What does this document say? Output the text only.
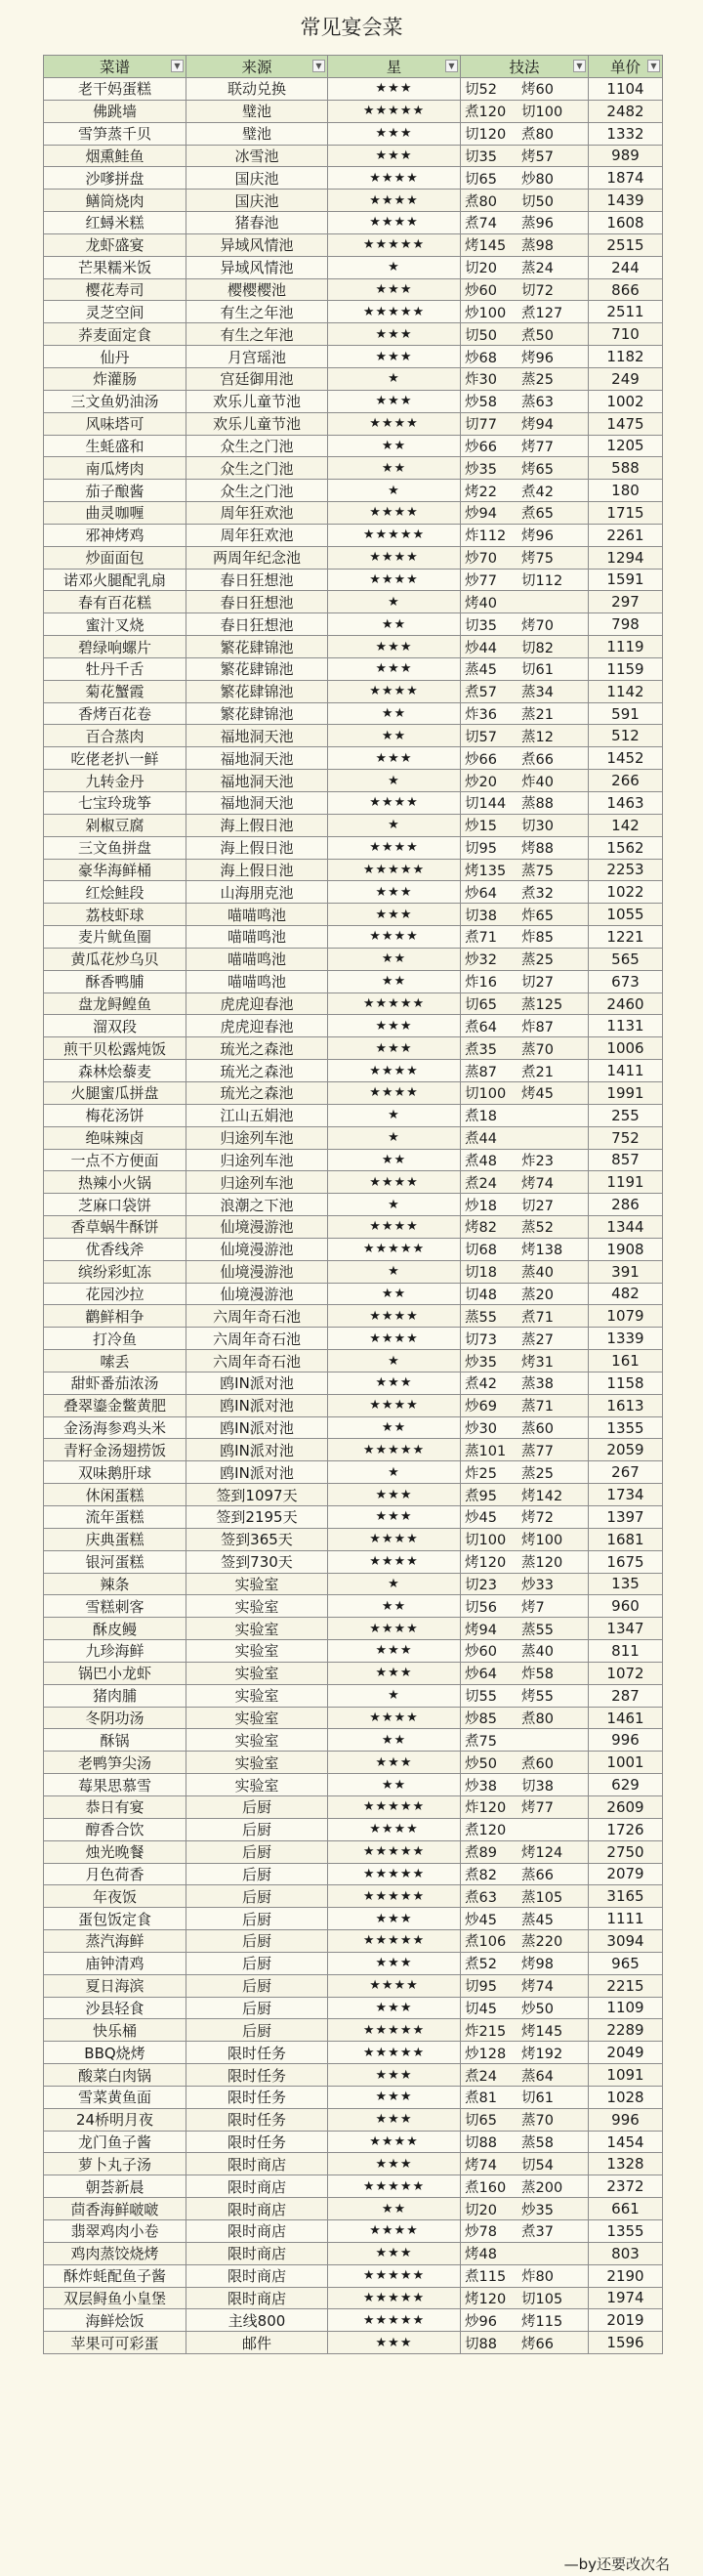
常见宴会菜
菜谱 ▼	来源 ▼	星 ▼	技法 ▼	单价 ▼

老干妈蛋糕	联动兑换	★★★	切52 烤60	1104
佛跳墙	璧池	★★★★★	煮120 切100	2482
雪笋蒸千贝	璧池	★★★	切120 煮80	1332
烟熏鲑鱼	冰雪池	★★★	切35 烤57	989
沙嗲拼盘	国庆池	★★★★	切65 炒80	1874
鳝筒烧肉	国庆池	★★★★	煮80 切50	1439
红蟳米糕	猪春池	★★★★	煮74 蒸96	1608
龙虾盛宴	异域风情池	★★★★★	烤145 蒸98	2515
芒果糯米饭	异域风情池	★	切20 蒸24	244
樱花寿司	樱樱樱池	★★★	炒60 切72	866
灵芝空间	有生之年池	★★★★★	炒100 煮127	2511
荞麦面定食	有生之年池	★★★	切50 煮50	710
仙丹	月宫瑶池	★★★	炒68 烤96	1182
炸灌肠	宫廷御用池	★	炸30 蒸25	249
三文鱼奶油汤	欢乐儿童节池	★★★	炒58 蒸63	1002
风味塔可	欢乐儿童节池	★★★★	切77 烤94	1475
生蚝盛和	众生之门池	★★	炒66 烤77	1205
南瓜烤肉	众生之门池	★★	炒35 烤65	588
茄子酿酱	众生之门池	★	烤22 煮42	180
曲灵咖喱	周年狂欢池	★★★★	炒94 煮65	1715
邪神烤鸡	周年狂欢池	★★★★★	炸112 烤96	2261
炒面面包	两周年纪念池	★★★★	炒70 烤75	1294
诺邓火腿配乳扇	春日狂想池	★★★★	炒77 切112	1591
春有百花糕	春日狂想池	★	烤40	297
蜜汁叉烧	春日狂想池	★★	切35 烤70	798
碧绿响螺片	繁花肆锦池	★★★	炒44 切82	1119
牡丹千舌	繁花肆锦池	★★★	蒸45 切61	1159
菊花蟹霞	繁花肆锦池	★★★★	煮57 蒸34	1142
香烤百花卷	繁花肆锦池	★★	炸36 蒸21	591
百合蒸肉	福地洞天池	★★	切57 蒸12	512
吃佬老扒一鲜	福地洞天池	★★★	炒66 煮66	1452
九转金丹	福地洞天池	★	炒20 炸40	266
七宝玲珑筝	福地洞天池	★★★★	切144 蒸88	1463
剁椒豆腐	海上假日池	★	炒15 切30	142
三文鱼拼盘	海上假日池	★★★★	切95 烤88	1562
豪华海鲜桶	海上假日池	★★★★★	烤135 蒸75	2253
红烩鲑段	山海朋克池	★★★	炒64 煮32	1022
荔枝虾球	喵喵鸣池	★★★	切38 炸65	1055
麦片鱿鱼圈	喵喵鸣池	★★★★	煮71 炸85	1221
黄瓜花炒乌贝	喵喵鸣池	★★	炒32 蒸25	565
酥香鸭脯	喵喵鸣池	★★	炸16 切27	673
盘龙鲟鳇鱼	虎虎迎春池	★★★★★	切65 蒸125	2460
溜双段	虎虎迎春池	★★★	煮64 炸87	1131
煎干贝松露炖饭	琉光之森池	★★★	煮35 蒸70	1006
森林烩藜麦	琉光之森池	★★★★	蒸87 煮21	1411
火腿蜜瓜拼盘	琉光之森池	★★★★	切100 烤45	1991
梅花汤饼	江山五娟池	★	煮18	255
绝味辣卤	归途列车池	★	煮44	752
一点不方便面	归途列车池	★★	煮48 炸23	857
热辣小火锅	归途列车池	★★★★	煮24 烤74	1191
芝麻口袋饼	浪潮之下池	★	炒18 切27	286
香草蜗牛酥饼	仙境漫游池	★★★★	烤82 蒸52	1344
优香线斧	仙境漫游池	★★★★★	切68 烤138	1908
缤纷彩虹冻	仙境漫游池	★	切18 蒸40	391
花园沙拉	仙境漫游池	★★	切48 蒸20	482
鹳鲜相争	六周年奇石池	★★★★	蒸55 煮71	1079
打冷鱼	六周年奇石池	★★★★	切73 蒸27	1339
嗦丢	六周年奇石池	★	炒35 烤31	161
甜虾番茄浓汤	鸥IN派对池	★★★	煮42 蒸38	1158
叠翠鎏金鳖黄肥	鸥IN派对池	★★★★	炒69 蒸71	1613
金汤海参鸡头米	鸥IN派对池	★★	炒30 蒸60	1355
青籽金汤翅捞饭	鸥IN派对池	★★★★★	蒸101 蒸77	2059
双味鹅肝球	鸥IN派对池	★	炸25 蒸25	267
休闲蛋糕	签到1097天	★★★	煮95 烤142	1734
流年蛋糕	签到2195天	★★★	炒45 烤72	1397
庆典蛋糕	签到365天	★★★★	切100 烤100	1681
银河蛋糕	签到730天	★★★★	烤120 蒸120	1675
辣条	实验室	★	切23 炒33	135
雪糕刺客	实验室	★★	切56 烤7	960
酥皮鳗	实验室	★★★★	烤94 蒸55	1347
九珍海鲜	实验室	★★★	炒60 蒸40	811
锅巴小龙虾	实验室	★★★	炒64 炸58	1072
猪肉脯	实验室	★	切55 烤55	287
冬阴功汤	实验室	★★★★	炒85 煮80	1461
酥锅	实验室	★★	煮75	996
老鸭笋尖汤	实验室	★★★	炒50 煮60	1001
莓果思慕雪	实验室	★★	炒38 切38	629
恭日有宴	后厨	★★★★★	炸120 烤77	2609
醇香合饮	后厨	★★★★	煮120	1726
烛光晚餐	后厨	★★★★★	煮89 烤124	2750
月色荷香	后厨	★★★★★	煮82 蒸66	2079
年夜饭	后厨	★★★★★	煮63 蒸105	3165
蛋包饭定食	后厨	★★★	炒45 蒸45	1111
蒸汽海鲜	后厨	★★★★★	煮106 蒸220	3094
庙钟清鸡	后厨	★★★	煮52 烤98	965
夏日海滨	后厨	★★★★	切95 烤74	2215
沙县轻食	后厨	★★★	切45 炒50	1109
快乐桶	后厨	★★★★★	炸215 烤145	2289
BBQ烧烤	限时任务	★★★★★	炒128 烤192	2049
酸菜白肉锅	限时任务	★★★	煮24 蒸64	1091
雪菜黄鱼面	限时任务	★★★	煮81 切61	1028
24桥明月夜	限时任务	★★★	切65 蒸70	996
龙门鱼子酱	限时任务	★★★★	切88 蒸58	1454
萝卜丸子汤	限时商店	★★★	烤74 切54	1328
朝荟新晨	限时商店	★★★★★	煮160 蒸200	2372
茴香海鲜啵啵	限时商店	★★	切20 炒35	661
翡翠鸡肉小卷	限时商店	★★★★	炒78 煮37	1355
鸡肉蒸饺烧烤	限时商店	★★★	烤48	803
酥炸蚝配鱼子酱	限时商店	★★★★★	煮115 炸80	2190
双层鲟鱼小皇堡	限时商店	★★★★★	烤120 切105	1974
海鲜烩饭	主线800	★★★★★	炒96 烤115	2019
苹果可可彩蛋	邮件	★★★	切88 烤66	1596
—by还要改次名
